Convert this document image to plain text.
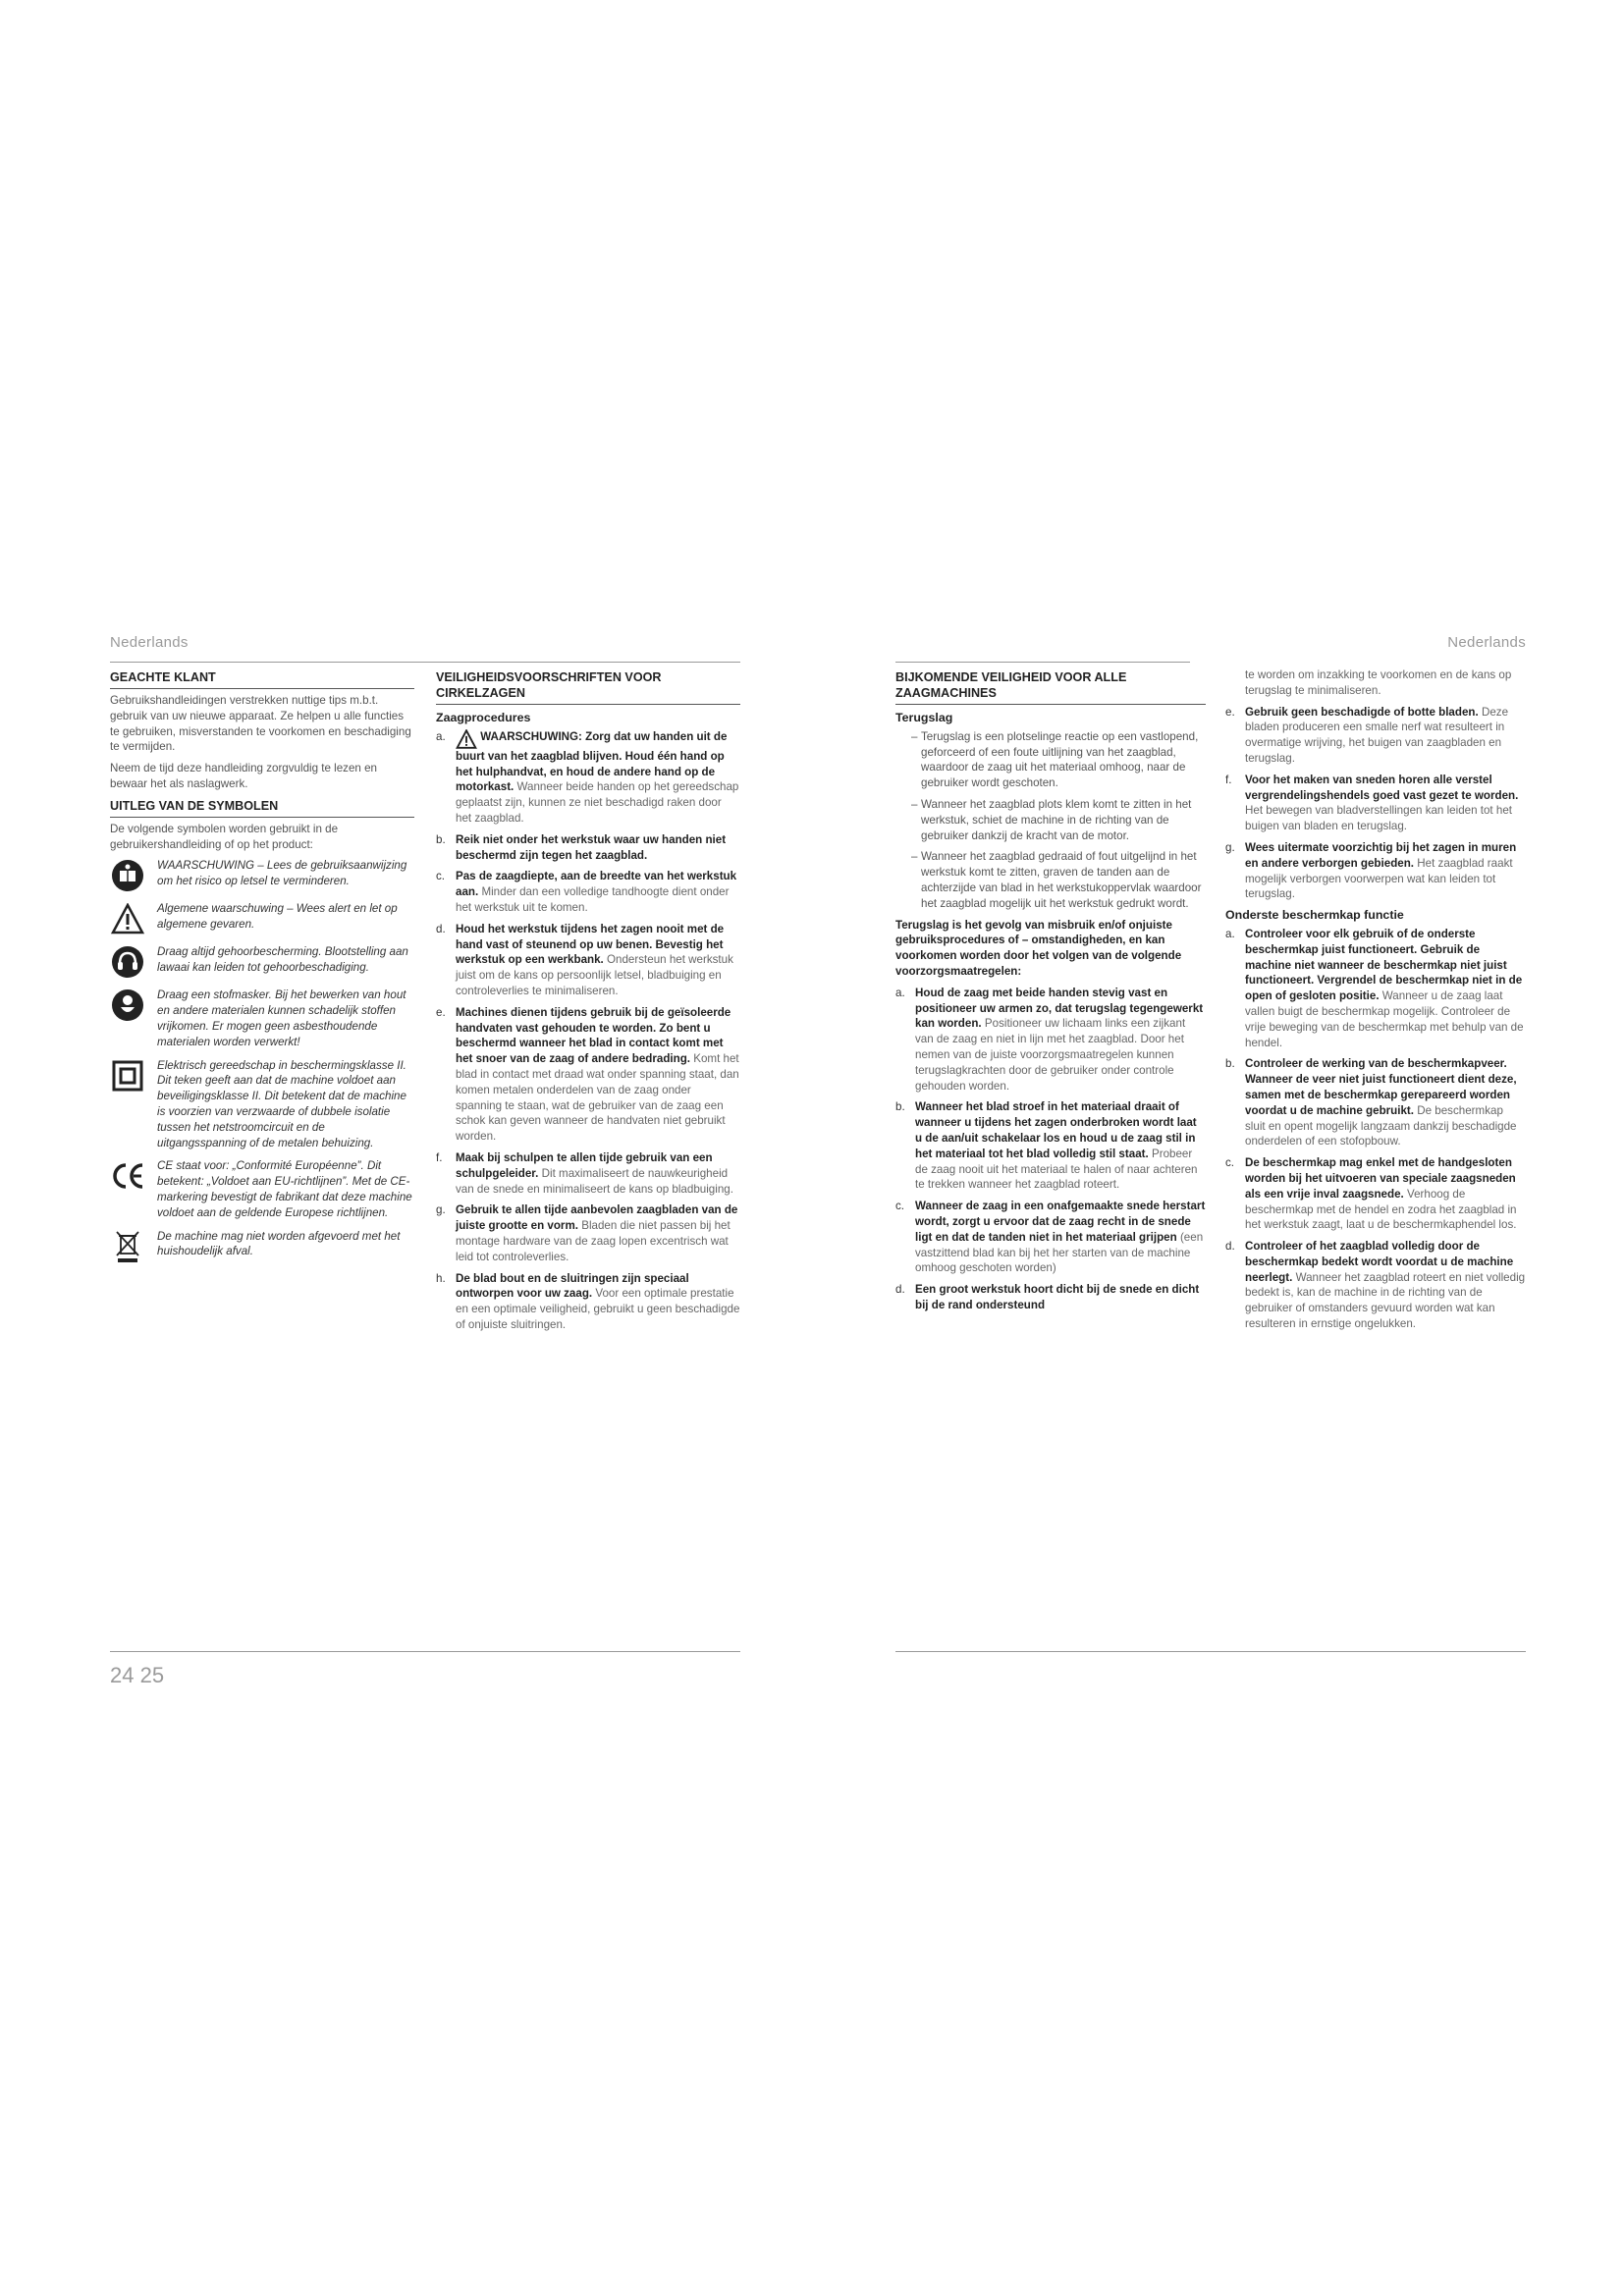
Nederlands
GEACHTE KLANT

Gebruikshandleidingen verstrekken nuttige tips m.b.t. gebruik van uw nieuwe apparaat. Ze helpen u alle functies te gebruiken, misverstanden te voorkomen en beschadiging te vermijden.

Neem de tijd deze handleiding zorgvuldig te lezen en bewaar het als naslagwerk.

UITLEG VAN DE SYMBOLEN

De volgende symbolen worden gebruikt in de gebruikershandleiding of op het product:

WAARSCHUWING – Lees de gebruiksaanwijzing om het risico op letsel te verminderen.
Algemene waarschuwing – Wees alert en let op algemene gevaren.
Draag altijd gehoorbescherming. Blootstelling aan lawaai kan leiden tot gehoorbeschadiging.
Draag een stofmasker. Bij het bewerken van hout en andere materialen kunnen schadelijk stoffen vrijkomen. Er mogen geen asbesthoudende materialen worden verwerkt!
Elektrisch gereedschap in beschermingsklasse II. Dit teken geeft aan dat de machine voldoet aan beveiligingsklasse II. Dit betekent dat de machine is voorzien van verzwaarde of dubbele isolatie tussen het netstroomcircuit en de uitgangsspanning of de metalen behuizing.
CE staat voor: „Conformité Européenne”. Dit betekent: „Voldoet aan EU-richtlijnen”. Met de CE-markering bevestigt de fabrikant dat deze machine voldoet aan de geldende Europese richtlijnen.
De machine mag niet worden afgevoerd met het huishoudelijk afval.
VEILIGHEIDSVOORSCHRIFTEN VOOR CIRKELZAGEN
Zaagprocedures
a.	WAARSCHUWING: Zorg dat uw handen uit de buurt van het zaagblad blijven. Houd één hand op het hulphandvat, en houd de andere hand op de motorkast. Wanneer beide handen op het gereedschap geplaatst zijn, kunnen ze niet beschadigd raken door het zaagblad.
b. Reik niet onder het werkstuk waar uw handen niet beschermd zijn tegen het zaagblad.
c. Pas de zaagdiepte, aan de breedte van het werkstuk aan. Minder dan een volledige tandhoogte dient onder het werkstuk uit te komen.
d. Houd het werkstuk tijdens het zagen nooit met de hand vast of steunend op uw benen. Bevestig het werkstuk op een werkbank. Ondersteun het werkstuk juist om de kans op persoonlijk letsel, bladbuiging en controleverlies te minimaliseren.
e. Machines dienen tijdens gebruik bij de geïsoleerde handvaten vast gehouden te worden. Zo bent u beschermd wanneer het blad in contact komt met het snoer van de zaag of andere bedrading. Komt het blad in contact met draad wat onder spanning staat, dan komen metalen onderdelen van de zaag onder spanning te staan, wat de gebruiker van de zaag een schok kan geven wanneer de handvaten niet gebruikt worden.
f.	Maak bij schulpen te allen tijde gebruik van een schulpgeleider. Dit maximaliseert de nauwkeurigheid van de snede en minimaliseert de kans op bladbuiging.
g. Gebruik te allen tijde aanbevolen zaagbladen van de juiste grootte en vorm. Bladen die niet passen bij het montage hardware van de zaag lopen excentrisch wat leid tot controleverlies.
h. De blad bout en de sluitringen zijn speciaal ontworpen voor uw zaag. Voor een optimale prestatie en een optimale veiligheid, gebruikt u geen beschadigde of onjuiste sluitringen.
24 25
Nederlands
BIJKOMENDE VEILIGHEID VOOR ALLE ZAAGMACHINES
Terugslag
– Terugslag is een plotselinge reactie op een vastlopend, geforceerd of een foute uitlijning van het zaagblad, waardoor de zaag uit het materiaal omhoog, naar de gebruiker wordt geschoten.
– Wanneer het zaagblad plots klem komt te zitten in het werkstuk, schiet de machine in de richting van de gebruiker dankzij de kracht van de motor.
– Wanneer het zaagblad gedraaid of fout uitgelijnd in het werkstuk komt te zitten, graven de tanden aan de achterzijde van blad in het werkstukoppervlak waardoor het zaagblad mogelijk uit het werkstuk gedrukt wordt.

Terugslag is het gevolg van misbruik en/of onjuiste gebruiksprocedures of – omstandigheden, en kan voorkomen worden door het volgen van de volgende voorzorgsmaatregelen:

a. Houd de zaag met beide handen stevig vast en positioneer uw armen zo, dat terugslag tegengewerkt kan worden. Positioneer uw lichaam links een zijkant van de zaag en niet in lijn met het zaagblad. Door het nemen van de juiste voorzorgsmaatregelen kunnen terugslagkrachten door de gebruiker onder controle gehouden worden.
b. Wanneer het blad stroef in het materiaal draait of wanneer u tijdens het zagen onderbroken wordt laat u de aan/uit schakelaar los en houd u de zaag stil in het materiaal tot het blad volledig stil staat. Probeer de zaag nooit uit het materiaal te halen of naar achteren te trekken wanneer het zaagblad roteert.
c. Wanneer de zaag in een onafgemaakte snede herstart wordt, zorgt u ervoor dat de zaag recht in de snede ligt en dat de tanden niet in het materiaal grijpen (een vastzittend blad kan bij het her starten van de machine omhoog geschoten worden)
d. Een groot werkstuk hoort dicht bij de snede en dicht bij de rand ondersteund

te worden om inzakking te voorkomen en de kans op terugslag te minimaliseren.

e. Gebruik geen beschadigde of botte bladen. Deze bladen produceren een smalle nerf wat resulteert in overmatige wrijving, het buigen van zaagbladen en terugslag.
f.	Voor het maken van sneden horen alle verstel vergrendelingshendels goed vast gezet te worden. Het bewegen van bladverstellingen kan leiden tot het buigen van bladen en terugslag.
g. Wees uitermate voorzichtig bij het zagen in muren en andere verborgen gebieden. Het zaagblad raakt mogelijk verborgen voorwerpen wat kan leiden tot terugslag.
Onderste beschermkap functie
a. Controleer voor elk gebruik of de onderste beschermkap juist functioneert. Gebruik de machine niet wanneer de beschermkap niet juist functioneert. Vergrendel de beschermkap niet in de open of gesloten positie. Wanneer u de zaag laat vallen buigt de beschermkap mogelijk. Controleer de vrije beweging van de beschermkap met behulp van de hendel.
b. Controleer de werking van de beschermkapveer. Wanneer de veer niet juist functioneert dient deze, samen met de beschermkap gerepareerd worden voordat u de machine gebruikt. De beschermkap sluit en opent mogelijk langzaam dankzij beschadigde onderdelen of een stofopbouw.
c. De beschermkap mag enkel met de handgesloten worden bij het uitvoeren van speciale zaagsneden als een vrije inval zaagsnede. Verhoog de beschermkap met de hendel en zodra het zaagblad in het werkstuk zaagt, laat u de beschermkaphendel los.
d. Controleer of het zaagblad volledig door de beschermkap bedekt wordt voordat u de machine neerlegt. Wanneer het zaagblad roteert en niet volledig bedekt is, kan de machine in de richting van de gebruiker of omstanders gevuurd worden wat kan resulteren in ernstige ongelukken.
